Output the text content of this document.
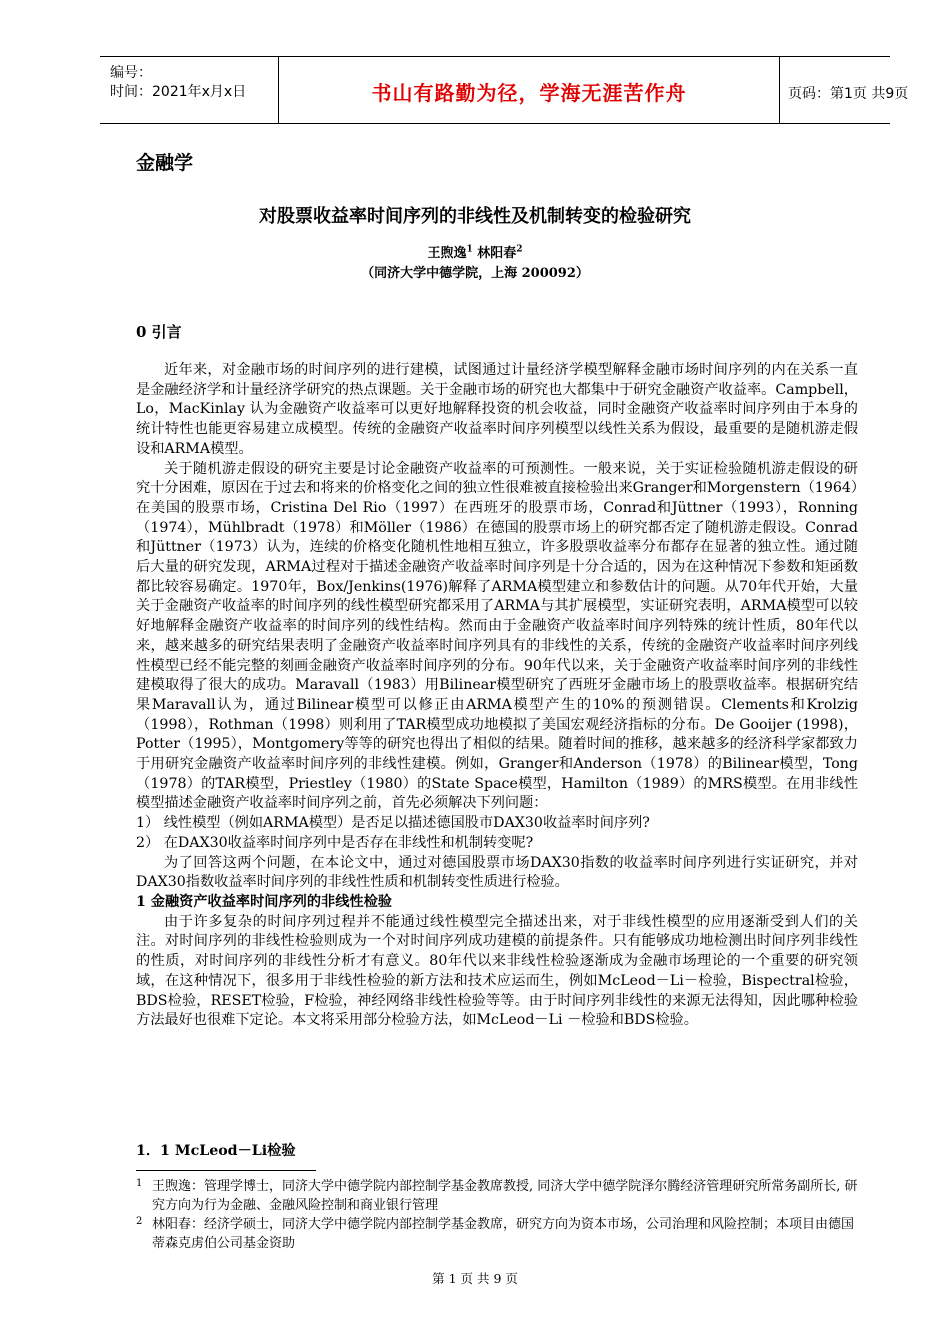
编号：
时间：2021年x月x日	书山有路勤为径，学海无涯苦作舟	页码：第1页 共9页
金融学
对股票收益率时间序列的非线性及机制转变的检验研究
王煦逸$^1$ 林阳春$^2$
（同济大学中德学院，上海 200092）
0 引言

近年来，对金融市场的时间序列的进行建模，试图通过计量经济学模型解释金融市场时间序列的内在关系一直是金融经济学和计量经济学研究的热点课题。关于金融市场的研究也大都集中于研究金融资产收益率。Campbell，Lo，MacKinlay 认为金融资产收益率可以更好地解释投资的机会收益，同时金融资产收益率时间序列由于本身的统计特性也能更容易建立成模型。传统的金融资产收益率时间序列模型以线性关系为假设，最重要的是随机游走假设和ARMA模型。

关于随机游走假设的研究主要是讨论金融资产收益率的可预测性。一般来说，关于实证检验随机游走假设的研究十分困难，原因在于过去和将来的价格变化之间的独立性很难被直接检验出来Granger和Morgenstern（1964）在美国的股票市场，Cristina Del Rio（1997）在西班牙的股票市场，Conrad和Jüttner（1993），Ronning（1974），Mühlbradt（1978）和Möller（1986）在德国的股票市场上的研究都否定了随机游走假设。Conrad和Jüttner（1973）认为，连续的价格变化随机性地相互独立，许多股票收益率分布都存在显著的独立性。通过随后大量的研究发现，ARMA过程对于描述金融资产收益率时间序列是十分合适的，因为在这种情况下参数和矩函数都比较容易确定。1970年，Box/Jenkins(1976)解释了ARMA模型建立和参数估计的问题。从70年代开始，大量关于金融资产收益率的时间序列的线性模型研究都采用了ARMA与其扩展模型，实证研究表明，ARMA模型可以较好地解释金融资产收益率的时间序列的线性结构。然而由于金融资产收益率时间序列特殊的统计性质，80年代以来，越来越多的研究结果表明了金融资产收益率时间序列具有的非线性的关系，传统的金融资产收益率时间序列线性模型已经不能完整的刻画金融资产收益率时间序列的分布。90年代以来，关于金融资产收益率时间序列的非线性建模取得了很大的成功。Maravall（1983）用Bilinear模型研究了西班牙金融市场上的股票收益率。根据研究结果Maravall认为，通过Bilinear模型可以修正由ARMA模型产生的10%的预测错误。Clements和Krolzig（1998），Rothman（1998）则利用了TAR模型成功地模拟了美国宏观经济指标的分布。De Gooijer (1998)，Potter（1995），Montgomery等等的研究也得出了相似的结果。随着时间的推移，越来越多的经济科学家都致力于用研究金融资产收益率时间序列的非线性建模。例如，Granger和Anderson（1978）的Bilinear模型，Tong（1978）的TAR模型，Priestley（1980）的State Space模型，Hamilton（1989）的MRS模型。在用非线性模型描述金融资产收益率时间序列之前，首先必须解决下列问题：

1） 线性模型（例如ARMA模型）是否足以描述德国股市DAX30收益率时间序列?

2） 在DAX30收益率时间序列中是否存在非线性和机制转变呢?

为了回答这两个问题，在本论文中，通过对德国股票市场DAX30指数的收益率时间序列进行实证研究，并对DAX30指数收益率时间序列的非线性性质和机制转变性质进行检验。

1 金融资产收益率时间序列的非线性检验

由于许多复杂的时间序列过程并不能通过线性模型完全描述出来，对于非线性模型的应用逐渐受到人们的关注。对时间序列的非线性检验则成为一个对时间序列成功建模的前提条件。只有能够成功地检测出时间序列非线性的性质，对时间序列的非线性分析才有意义。80年代以来非线性检验逐渐成为金融市场理论的一个重要的研究领域，在这种情况下，很多用于非线性检验的新方法和技术应运而生，例如McLeod－Li－检验，Bispectral检验，BDS检验，RESET检验，F检验，神经网络非线性检验等等。由于时间序列非线性的来源无法得知，因此哪种检验方法最好也很难下定论。本文将采用部分检验方法，如McLeod－Li －检验和BDS检验。

1．1 McLeod－Li检验

1 王煦逸：管理学博士，同济大学中德学院内部控制学基金教席教授, 同济大学中德学院泽尔腾经济管理研究所常务副所长, 研究方向为行为金融、金融风险控制和商业银行管理

2 林阳春：经济学硕士，同济大学中德学院内部控制学基金教席，研究方向为资本市场，公司治理和风险控制；本项目由德国蒂森克虏伯公司基金资助

第 1 页 共 9 页
